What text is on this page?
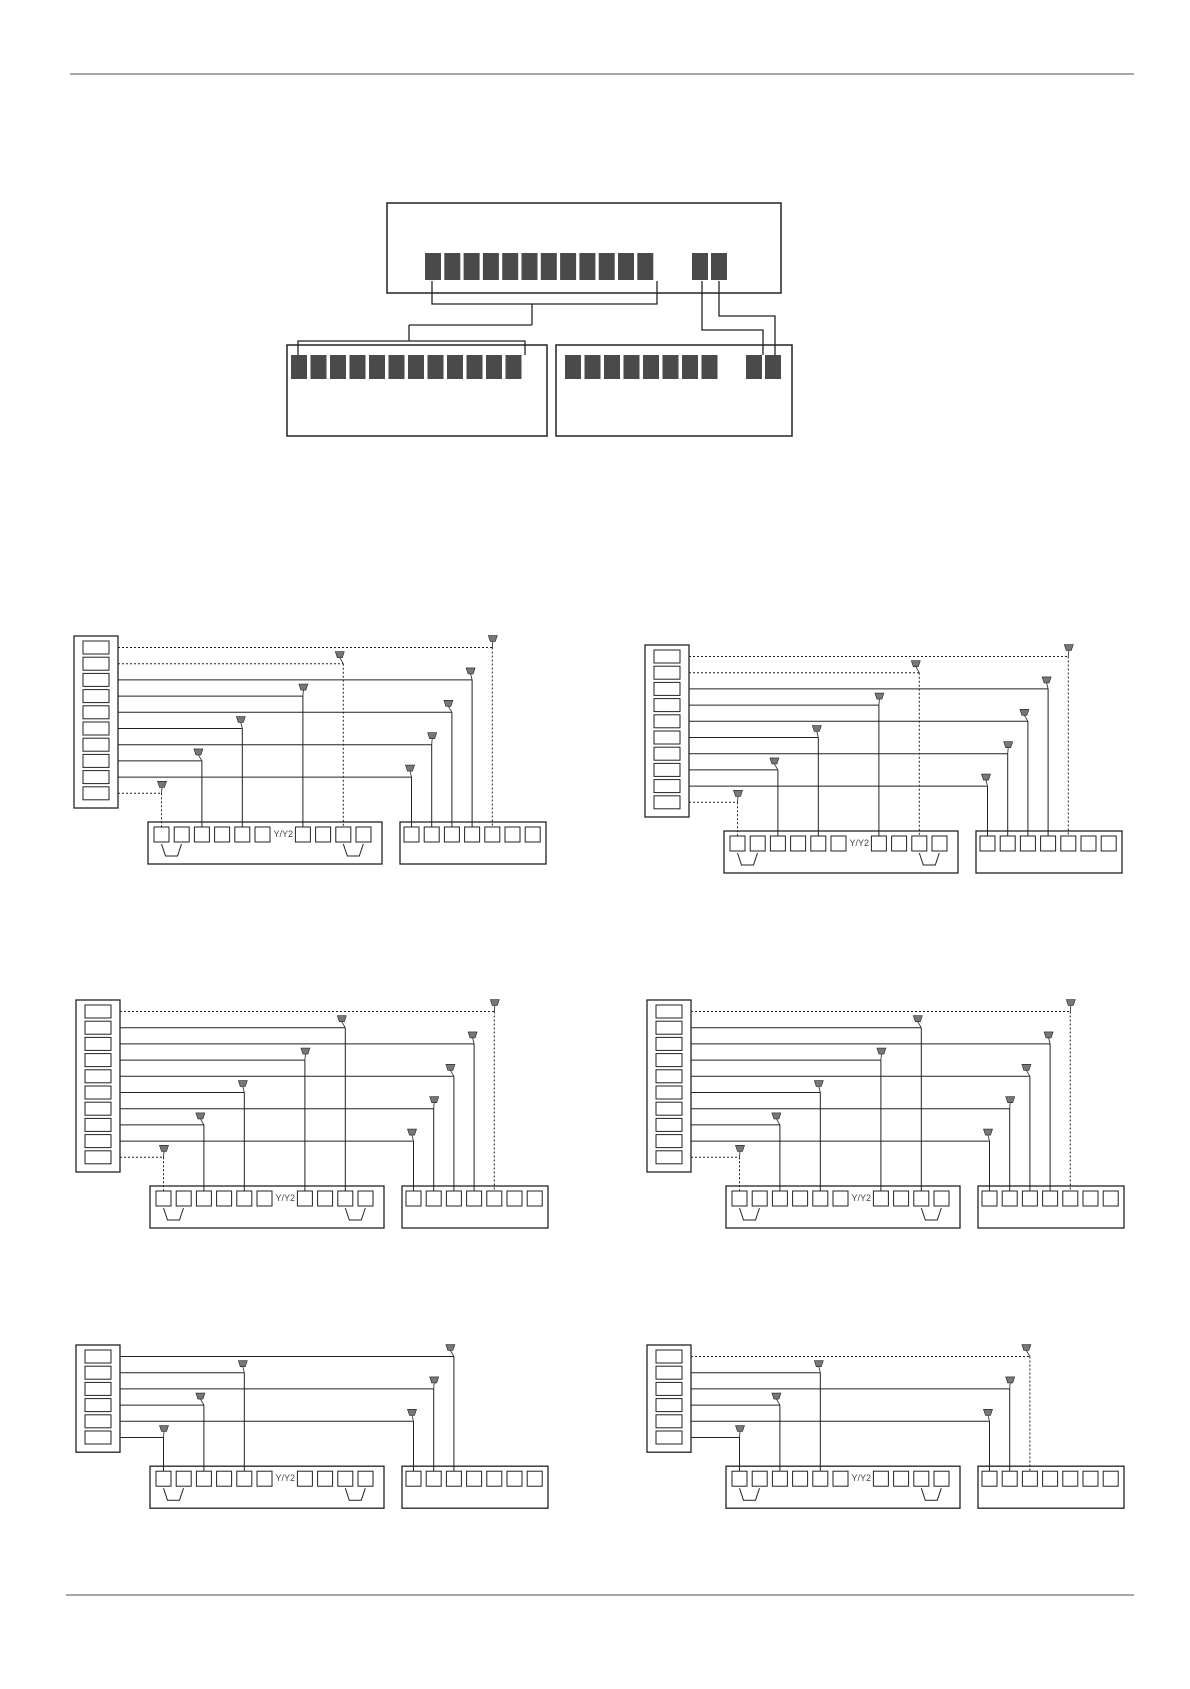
Y/Y2
Y/Y2
Y/Y2	Y/Y2
Y/Y2	Y/Y2
